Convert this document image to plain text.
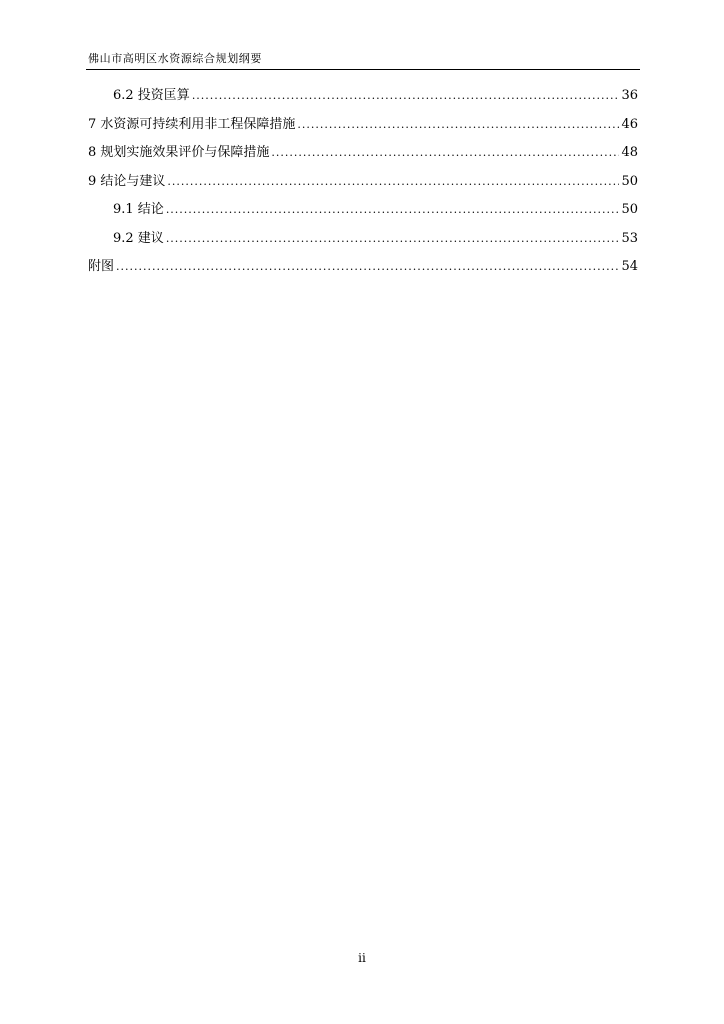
佛山市高明区水资源综合规划纲要
6.2 投资匡算 .....	36
7 水资源可持续利用非工程保障措施 .....	46
8 规划实施效果评价与保障措施 .....	48
9 结论与建议 .....	50
9.1 结论 .....	50
9.2 建议 .....	53
附图 .....	54
ii
